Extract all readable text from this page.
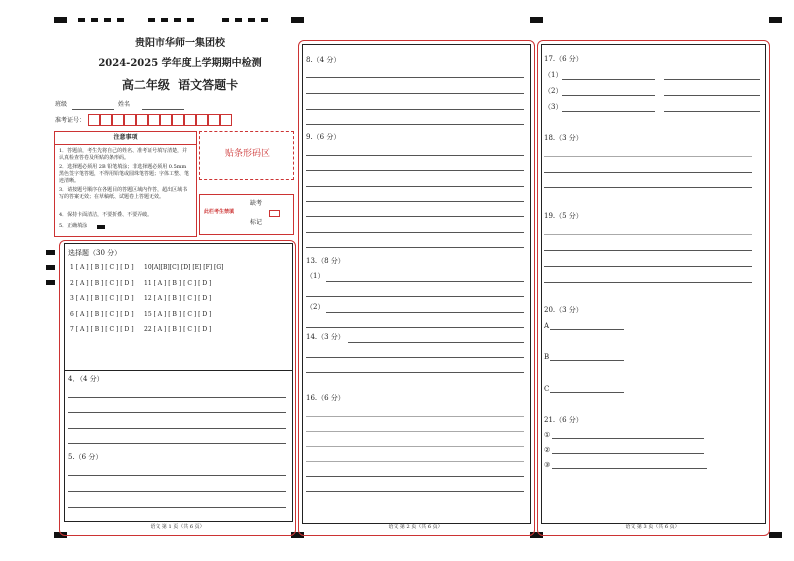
贵阳市华师一集团校
2024-2025 学年度上学期期中检测
高二年级  语文答题卡
班级	姓名
准考证号：
注意事项
1．答题前，考生先将自己的姓名、准考证号填写清楚，并认真检查答卷及所贴的条形码。
2．选择题必须用 2B 铅笔填涂；非选择题必须用 0.5mm 黑色签字笔答题，不得用铅笔或圆珠笔答题；字体工整、笔迹清晰。
3．请按题号顺序在各题目的答题区域内作答，超出区域书写的答案无效；在草稿纸、试题卷上答题无效。
4．保持卡面清洁，不要折叠、不要弄破。
5．正确填涂
贴条形码区
缺考
此栏考生禁填
标记
选择题（30 分）
1 [ A ] [ B ] [ C ] [ D ]
2 [ A ] [ B ] [ C ] [ D ]
3 [ A ] [ B ] [ C ] [ D ]
6 [ A ] [ B ] [ C ] [ D ]
7 [ A ] [ B ] [ C ] [ D ]
10[A][B][C] [D] [E] [F] [G]
11 [ A ] [ B ] [ C ] [ D ]
12 [ A ] [ B ] [ C ] [ D ]
15 [ A ] [ B ] [ C ] [ D ]
22 [ A ] [ B ] [ C ] [ D ]
4．（4 分）
5.（6 分）
语文 第 1 页（共 6 页）
8.（4 分）
9.（6 分）
13.（8 分）
（1）
（2）
14.（3 分）
16.（6 分）
语文 第 2 页（共 6 页）
17.（6 分）
（1）
（2）
（3）
18.（3 分）
19.（5 分）
20.（3 分）
A
B
C
21.（6 分）
①
②
③
语文 第 3 页（共 6 页）
